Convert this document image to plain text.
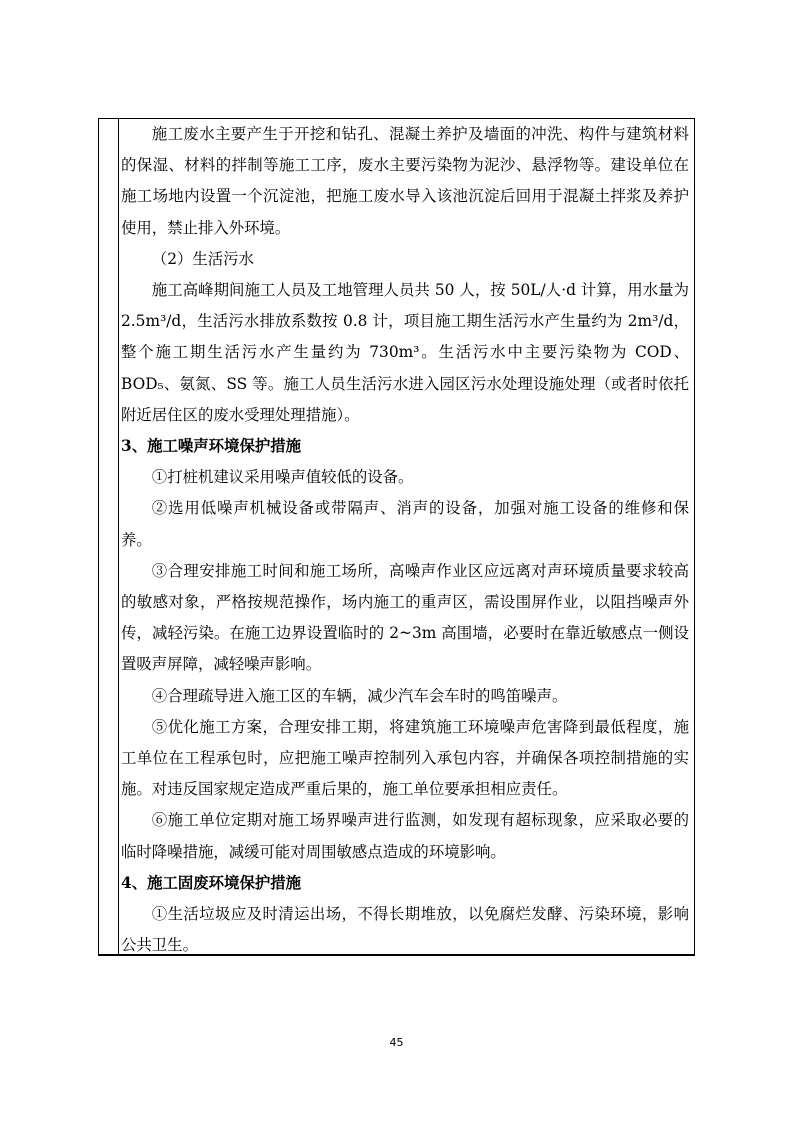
施工废水主要产生于开挖和钻孔、混凝土养护及墙面的冲洗、构件与建筑材料的保湿、材料的拌制等施工工序，废水主要污染物为泥沙、悬浮物等。建设单位在施工场地内设置一个沉淀池，把施工废水导入该池沉淀后回用于混凝土拌浆及养护使用，禁止排入外环境。

（2）生活污水

施工高峰期间施工人员及工地管理人员共 50 人，按 50L/人·d 计算，用水量为 2.5m³/d，生活污水排放系数按 0.8 计，项目施工期生活污水产生量约为 2m³/d，整个施工期生活污水产生量约为 730m³。生活污水中主要污染物为 COD、BOD₅、氨氮、SS 等。施工人员生活污水进入园区污水处理设施处理（或者时依托附近居住区的废水受理处理措施）。

3、施工噪声环境保护措施

①打桩机建议采用噪声值较低的设备。

②选用低噪声机械设备或带隔声、消声的设备，加强对施工设备的维修和保养。

③合理安排施工时间和施工场所，高噪声作业区应远离对声环境质量要求较高的敏感对象，严格按规范操作，场内施工的重声区，需设围屏作业，以阻挡噪声外传，减轻污染。在施工边界设置临时的 2~3m 高围墙，必要时在靠近敏感点一侧设置吸声屏障，减轻噪声影响。

④合理疏导进入施工区的车辆，减少汽车会车时的鸣笛噪声。

⑤优化施工方案，合理安排工期，将建筑施工环境噪声危害降到最低程度，施工单位在工程承包时，应把施工噪声控制列入承包内容，并确保各项控制措施的实施。对违反国家规定造成严重后果的，施工单位要承担相应责任。

⑥施工单位定期对施工场界噪声进行监测，如发现有超标现象，应采取必要的临时降噪措施，减缓可能对周围敏感点造成的环境影响。

4、施工固废环境保护措施

①生活垃圾应及时清运出场，不得长期堆放，以免腐烂发酵、污染环境，影响公共卫生。

45
